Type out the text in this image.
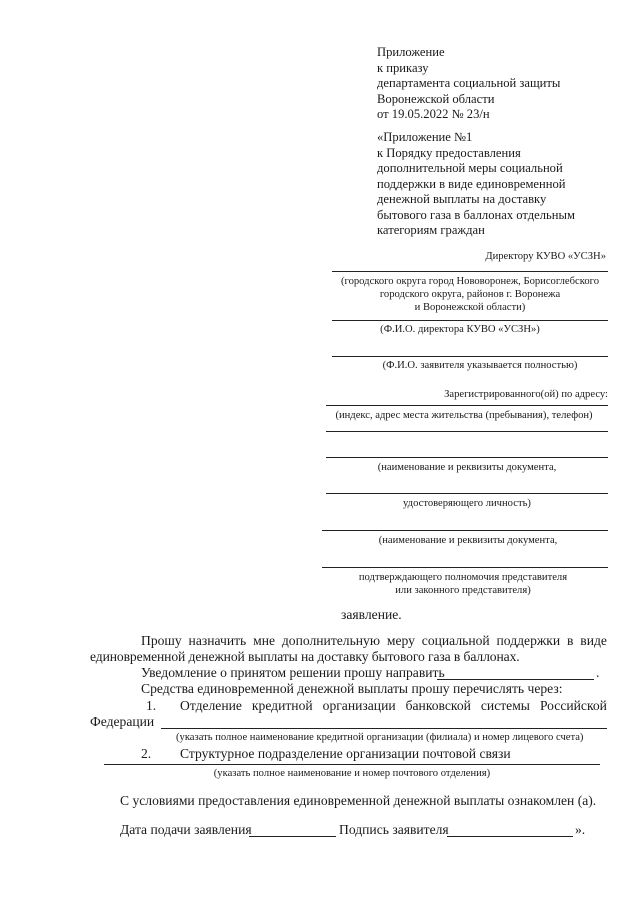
Приложение
к приказу
департамента социальной защиты
Воронежской области
от 19.05.2022 № 23/н
«Приложение №1
к Порядку предоставления
дополнительной меры социальной
поддержки в виде единовременной
денежной выплаты на доставку
бытового газа в баллонах отдельным
категориям граждан
Директору КУВО «УСЗН»
(городского округа город Нововоронеж, Борисоглебского
городского округа, районов г. Воронежа
и Воронежской области)
(Ф.И.О. директора КУВО «УСЗН»)
(Ф.И.О. заявителя указывается полностью)
Зарегистрированного(ой) по адресу:
(индекс, адрес места жительства (пребывания), телефон)
(наименование и реквизиты документа,
удостоверяющего личность)
(наименование и реквизиты документа,
подтверждающего полномочия представителя
или законного представителя)
заявление.
Прошу назначить мне дополнительную меру социальной поддержки в виде
единовременной денежной выплаты на доставку бытового газа в баллонах.
Уведомление о принятом решении прошу направить	.
Средства единовременной денежной выплаты прошу перечислять через:
1. Отделение кредитной организации банковской системы Российской
Федерации
(указать полное наименование кредитной организации (филиала) и номер лицевого счета)
2. Структурное подразделение организации почтовой связи
(указать полное наименование и номер почтового отделения)
С условиями предоставления единовременной денежной выплаты ознакомлен (а).
Дата подачи заявления	Подпись заявителя	».
